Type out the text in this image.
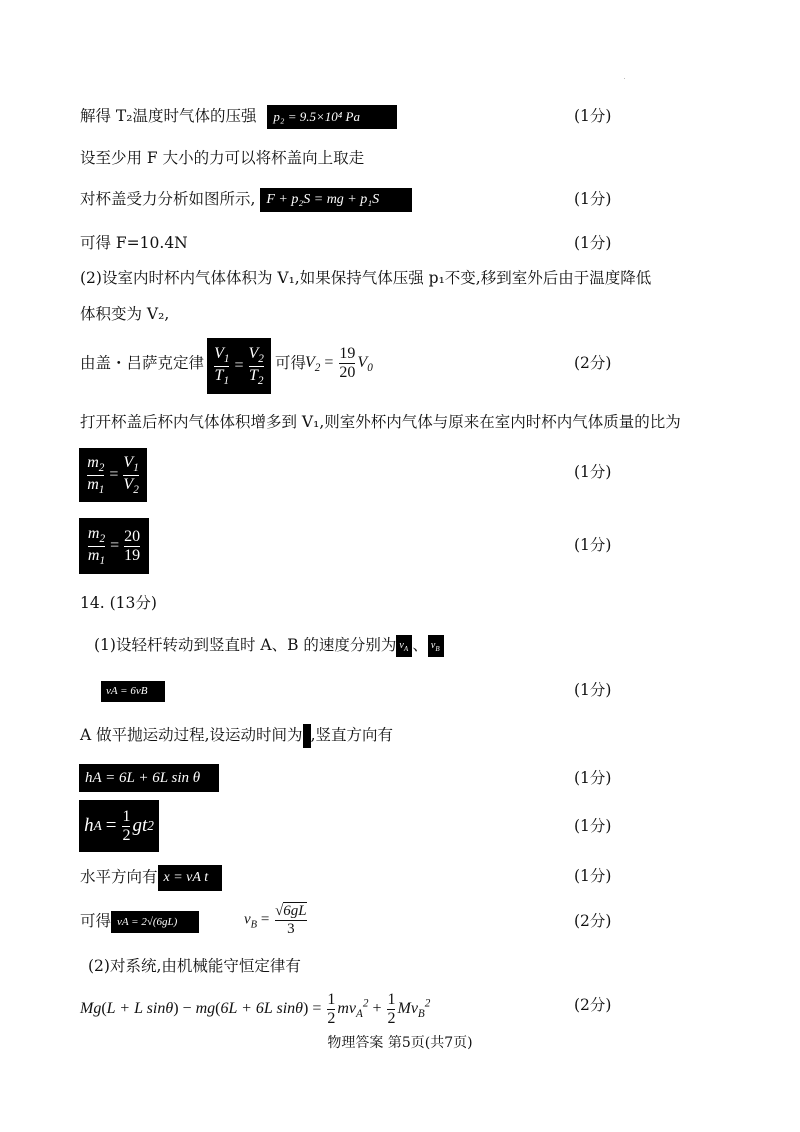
解得 T₂温度时气体的压强 p₂ = 9.5×10⁴ Pa	(1分)
设至少用 F 大小的力可以将杯盖向上取走
对杯盖受力分析如图所示, F + p₂S = mg + p₁S	(1分)
可得 F=10.4N	(1分)
(2)设室内时杯内气体体积为 V₁,如果保持气体压强 p₁不变,移到室外后由于温度降低
体积变为 V₂,
由盖・吕萨克定律 $\frac{V_1}{T_1} = \frac{V_2}{T_2}$ 可得
$V_2 = \frac{19}{20} V_0$	(2分)
打开杯盖后杯内气体体积增多到 V₁,则室外杯内气体与原来在室内时杯内气体质量的比为
$\frac{m_2}{m_1} = \frac{V_1}{V_2}$	(1分)
$\frac{m_2}{m_1} = \frac{20}{19}$	(1分)
14. (13分)
(1)设轻杆转动到竖直时 A、B 的速度分别为 $v_A$ 、 $v_B$
vA = 6vB	(1分)
A 做平抛运动过程,设运动时间为 ,竖直方向有
hA = 6L + 6L sin θ	(1分)
h $A = \frac{1}{2}$ gt 2	(1分)
水平方向有 x = vA t	(1分)
可得 vA = 2√(6gL)	$v_B = \frac{√6gL}{3}$	(2分)
(2)对系统,由机械能守恒定律有
Mg(L + L sinθ) − mg(6L + 6L $\sin\theta) = \frac{1}{2} mv_A^2 + \frac{1}{2} Mv_B^2$	(2分)
物理答案 第5页(共7页)
